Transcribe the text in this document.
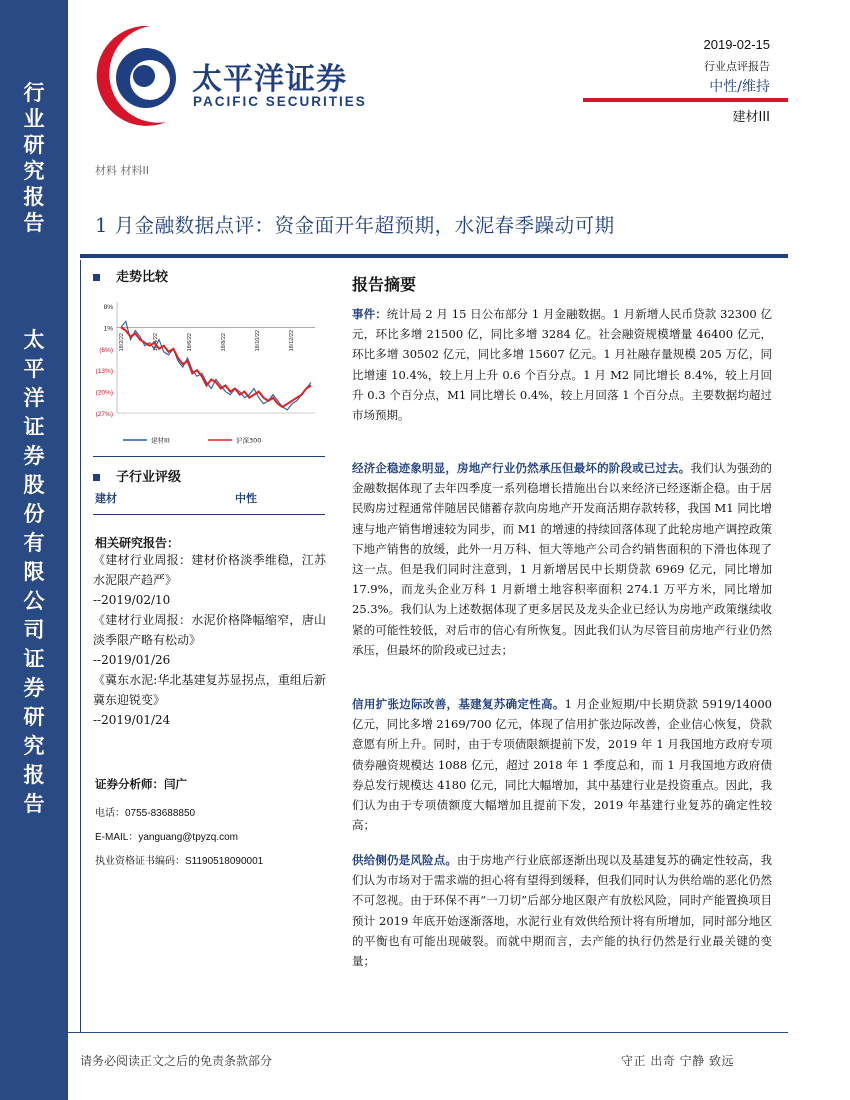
行
业
研
究
报
告
太
平
洋
证
券
股
份
有
限
公
司
证
券
研
究
报
告
太平洋证券
PACIFIC SECURITIES
2019-02-15
行业点评报告
中性/维持
建材III
材料 材料II
1 月金融数据点评：资金面开年超预期，水泥春季躁动可期
走势比较
8%
1%
(6%)
(13%)
(20%)
(27%)
18/2/22	18/4/22	18/6/22	18/8/22	18/10/22	18/12/22
建材III	沪深300
子行业评级
建材	中性
相关研究报告：

《建材行业周报：建材价格淡季维稳，江苏水泥限产趋严》

--2019/02/10

《建材行业周报：水泥价格降幅缩窄，唐山淡季限产略有松动》

--2019/01/26

《冀东水泥:华北基建复苏显拐点，重组后新冀东迎锐变》

--2019/01/24

证券分析师：闫广
电话：0755-83688850
E-MAIL：yanguang@tpyzq.com
执业资格证书编码：S1190518090001
报告摘要

事件：统计局 2 月 15 日公布部分 1 月金融数据。1 月新增人民币贷款 32300 亿元，环比多增 21500 亿，同比多增 3284 亿。社会融资规模增量 46400 亿元，环比多增 30502 亿元，同比多增 15607 亿元。1 月社融存量规模 205 万亿，同比增速 10.4%，较上月上升 0.6 个百分点。1 月 M2 同比增长 8.4%，较上月回升 0.3 个百分点，M1 同比增长 0.4%，较上月回落 1 个百分点。主要数据均超过市场预期。

经济企稳迹象明显，房地产行业仍然承压但最坏的阶段或已过去。我们认为强劲的金融数据体现了去年四季度一系列稳增长措施出台以来经济已经逐渐企稳。由于居民购房过程通常伴随居民储蓄存款向房地产开发商活期存款转移，我国 M1 同比增速与地产销售增速较为同步，而 M1 的增速的持续回落体现了此轮房地产调控政策下地产销售的放缓，此外一月万科、恒大等地产公司合约销售面积的下滑也体现了这一点。但是我们同时注意到，1 月新增居民中长期贷款 6969 亿元，同比增加 17.9%，而龙头企业万科 1 月新增土地容积率面积 274.1 万平方米，同比增加 25.3%。我们认为上述数据体现了更多居民及龙头企业已经认为房地产政策继续收紧的可能性较低，对后市的信心有所恢复。因此我们认为尽管目前房地产行业仍然承压，但最坏的阶段或已过去；

信用扩张边际改善，基建复苏确定性高。1 月企业短期/中长期贷款 5919/14000 亿元，同比多增 2169/700 亿元，体现了信用扩张边际改善，企业信心恢复，贷款意愿有所上升。同时，由于专项债限额提前下发，2019 年 1 月我国地方政府专项债券融资规模达 1088 亿元，超过 2018 年 1 季度总和，而 1 月我国地方政府债券总发行规模达 4180 亿元，同比大幅增加，其中基建行业是投资重点。因此，我们认为由于专项债额度大幅增加且提前下发，2019 年基建行业复苏的确定性较高；

供给侧仍是风险点。由于房地产行业底部逐渐出现以及基建复苏的确定性较高，我们认为市场对于需求端的担心将有望得到缓释，但我们同时认为供给端的恶化仍然不可忽视。由于环保不再“一刀切”后部分地区限产有放松风险，同时产能置换项目预计 2019 年底开始逐渐落地，水泥行业有效供给预计将有所增加，同时部分地区的平衡也有可能出现破裂。而就中期而言，去产能的执行仍然是行业最关键的变量；

请务必阅读正文之后的免责条款部分	守正 出奇 宁静 致远
